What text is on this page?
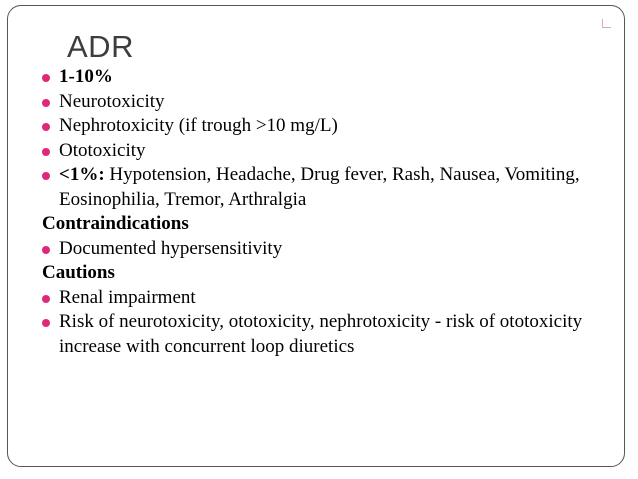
ADR
1-10%
Neurotoxicity
Nephrotoxicity (if trough >10 mg/L)
Ototoxicity
<1%: Hypotension, Headache, Drug fever, Rash, Nausea, Vomiting, Eosinophilia, Tremor, Arthralgia
Contraindications
Documented hypersensitivity
Cautions
Renal impairment
Risk of neurotoxicity, ototoxicity, nephrotoxicity - risk of ototoxicity increase with concurrent loop diuretics
